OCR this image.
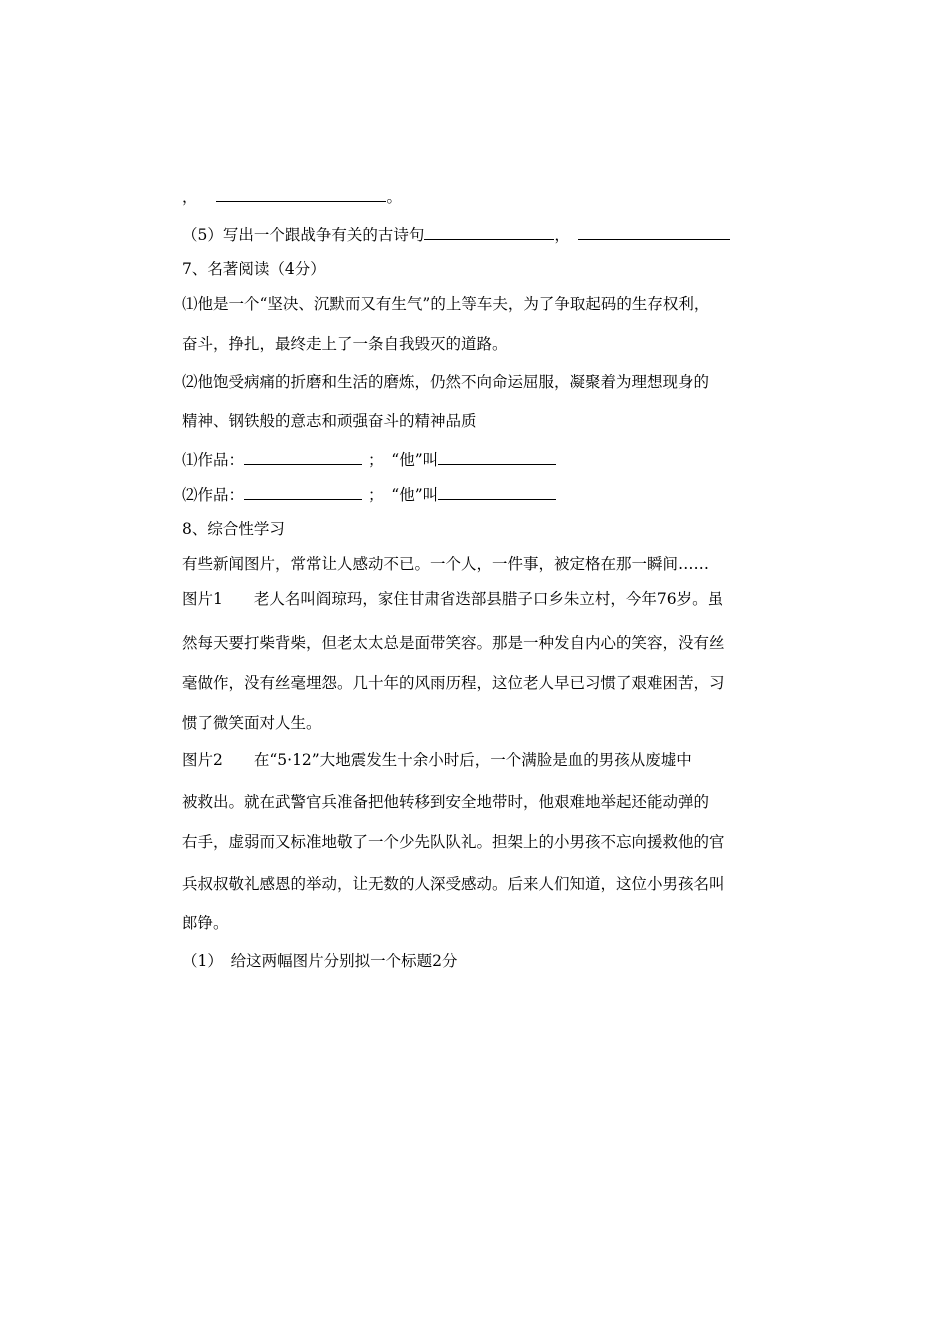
，	。
（5）写出一个跟战争有关的古诗句	，
7、名著阅读（4分）
⑴他是一个“坚决、沉默而又有生气”的上等车夫，为了争取起码的生存权利，
奋斗，挣扎，最终走上了一条自我毁灭的道路。
⑵他饱受病痛的折磨和生活的磨炼，仍然不向命运屈服，凝聚着为理想现身的
精神、钢铁般的意志和顽强奋斗的精神品质
⑴作品：	；　“他”叫
⑵作品：	；　“他”叫
8、综合性学习
有些新闻图片，常常让人感动不已。一个人，一件事，被定格在那一瞬间……
图片1　　老人名叫阎琼玛，家住甘肃省迭部县腊子口乡朱立村，今年76岁。虽
然每天要打柴背柴，但老太太总是面带笑容。那是一种发自内心的笑容，没有丝
毫做作，没有丝毫埋怨。几十年的风雨历程，这位老人早已习惯了艰难困苦，习
惯了微笑面对人生。
图片2　　在“5·12”大地震发生十余小时后，一个满脸是血的男孩从废墟中
被救出。就在武警官兵准备把他转移到安全地带时，他艰难地举起还能动弹的
右手，虚弱而又标准地敬了一个少先队队礼。担架上的小男孩不忘向援救他的官
兵叔叔敬礼感恩的举动，让无数的人深受感动。后来人们知道，这位小男孩名叫
郎铮。
（1）　给这两幅图片分别拟一个标题2分
